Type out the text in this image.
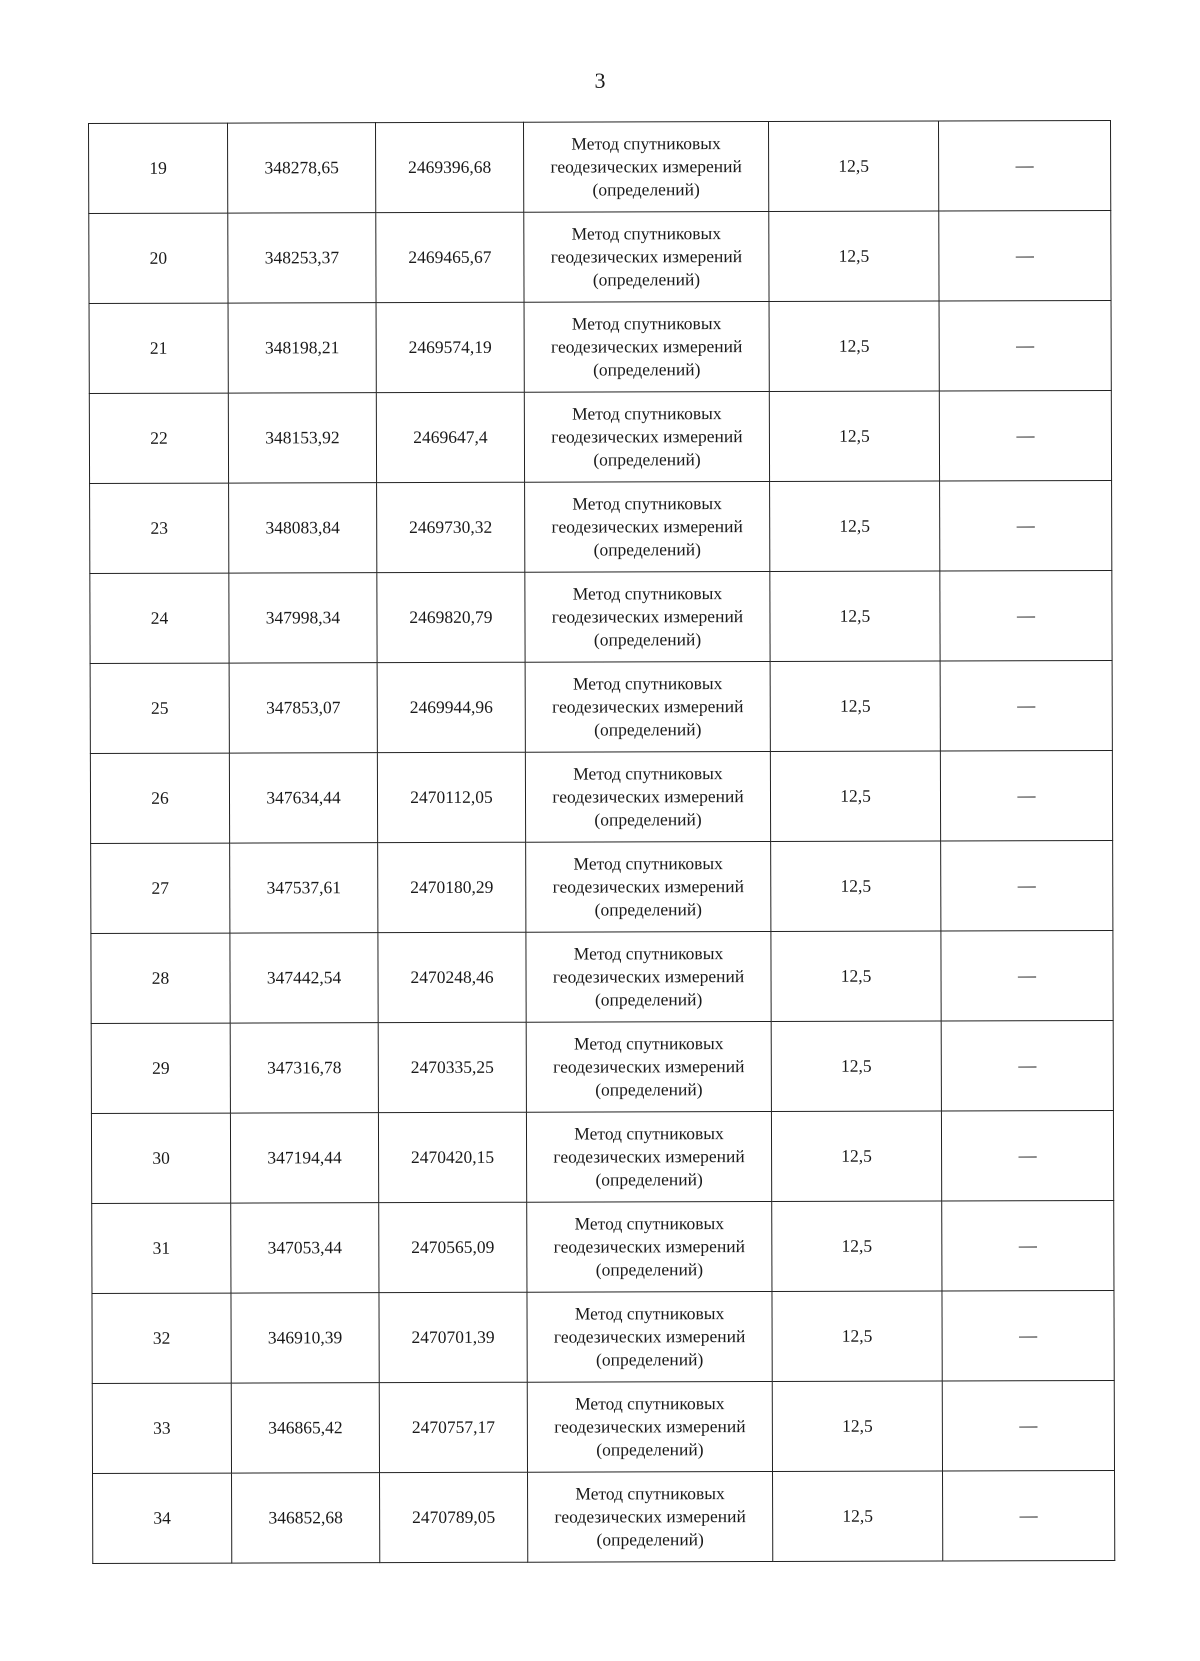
3
19	348278,65	2469396,68	Метод спутниковых
геодезических измерений
(определений)	12,5	—
20	348253,37	2469465,67	Метод спутниковых
геодезических измерений
(определений)	12,5	—
21	348198,21	2469574,19	Метод спутниковых
геодезических измерений
(определений)	12,5	—
22	348153,92	2469647,4	Метод спутниковых
геодезических измерений
(определений)	12,5	—
23	348083,84	2469730,32	Метод спутниковых
геодезических измерений
(определений)	12,5	—
24	347998,34	2469820,79	Метод спутниковых
геодезических измерений
(определений)	12,5	—
25	347853,07	2469944,96	Метод спутниковых
геодезических измерений
(определений)	12,5	—
26	347634,44	2470112,05	Метод спутниковых
геодезических измерений
(определений)	12,5	—
27	347537,61	2470180,29	Метод спутниковых
геодезических измерений
(определений)	12,5	—
28	347442,54	2470248,46	Метод спутниковых
геодезических измерений
(определений)	12,5	—
29	347316,78	2470335,25	Метод спутниковых
геодезических измерений
(определений)	12,5	—
30	347194,44	2470420,15	Метод спутниковых
геодезических измерений
(определений)	12,5	—
31	347053,44	2470565,09	Метод спутниковых
геодезических измерений
(определений)	12,5	—
32	346910,39	2470701,39	Метод спутниковых
геодезических измерений
(определений)	12,5	—
33	346865,42	2470757,17	Метод спутниковых
геодезических измерений
(определений)	12,5	—
34	346852,68	2470789,05	Метод спутниковых
геодезических измерений
(определений)	12,5	—
